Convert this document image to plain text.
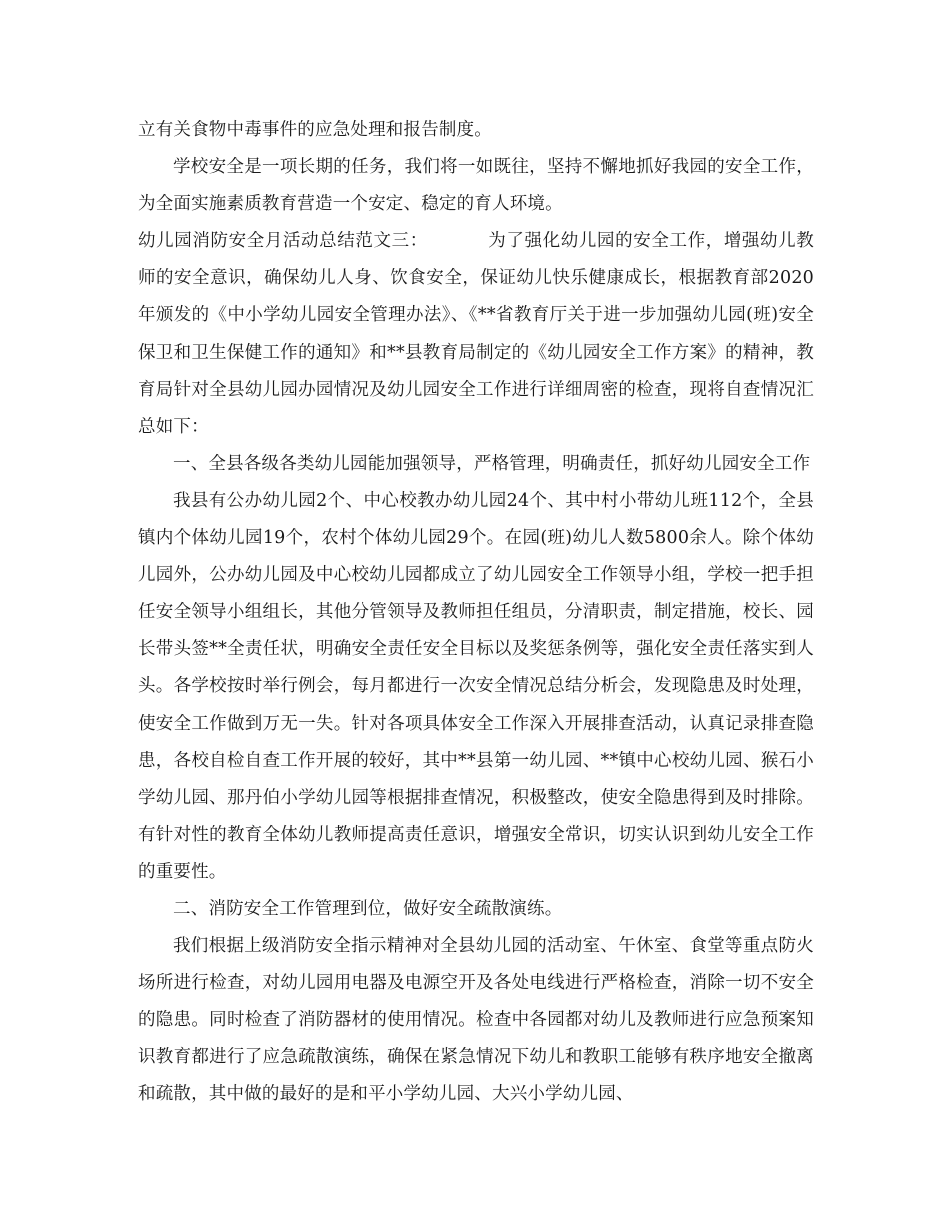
立有关食物中毒事件的应急处理和报告制度。

学校安全是一项长期的任务，我们将一如既往，坚持不懈地抓好我园的安全工作，为全面实施素质教育营造一个安定、稳定的育人环境。

幼儿园消防安全月活动总结范文三：	为了强化幼儿园的安全工作，增强幼儿教师的安全意识，确保幼儿人身、饮食安全，保证幼儿快乐健康成长，根据教育部2020年颁发的《中小学幼儿园安全管理办法》、《**省教育厅关于进一步加强幼儿园(班)安全保卫和卫生保健工作的通知》和**县教育局制定的《幼儿园安全工作方案》的精神，教育局针对全县幼儿园办园情况及幼儿园安全工作进行详细周密的检查，现将自查情况汇总如下：

一、全县各级各类幼儿园能加强领导，严格管理，明确责任，抓好幼儿园安全工作

我县有公办幼儿园2个、中心校教办幼儿园24个、其中村小带幼儿班112个，全县镇内个体幼儿园19个，农村个体幼儿园29个。在园(班)幼儿人数5800余人。除个体幼儿园外，公办幼儿园及中心校幼儿园都成立了幼儿园安全工作领导小组，学校一把手担任安全领导小组组长，其他分管领导及教师担任组员，分清职责，制定措施，校长、园长带头签**全责任状，明确安全责任安全目标以及奖惩条例等，强化安全责任落实到人头。各学校按时举行例会，每月都进行一次安全情况总结分析会，发现隐患及时处理，使安全工作做到万无一失。针对各项具体安全工作深入开展排查活动，认真记录排查隐患，各校自检自查工作开展的较好，其中**县第一幼儿园、**镇中心校幼儿园、猴石小学幼儿园、那丹伯小学幼儿园等根据排查情况，积极整改，使安全隐患得到及时排除。有针对性的教育全体幼儿教师提高责任意识，增强安全常识，切实认识到幼儿安全工作的重要性。

二、消防安全工作管理到位，做好安全疏散演练。

我们根据上级消防安全指示精神对全县幼儿园的活动室、午休室、食堂等重点防火场所进行检查，对幼儿园用电器及电源空开及各处电线进行严格检查，消除一切不安全的隐患。同时检查了消防器材的使用情况。检查中各园都对幼儿及教师进行应急预案知识教育都进行了应急疏散演练，确保在紧急情况下幼儿和教职工能够有秩序地安全撤离和疏散，其中做的最好的是和平小学幼儿园、大兴小学幼儿园、
